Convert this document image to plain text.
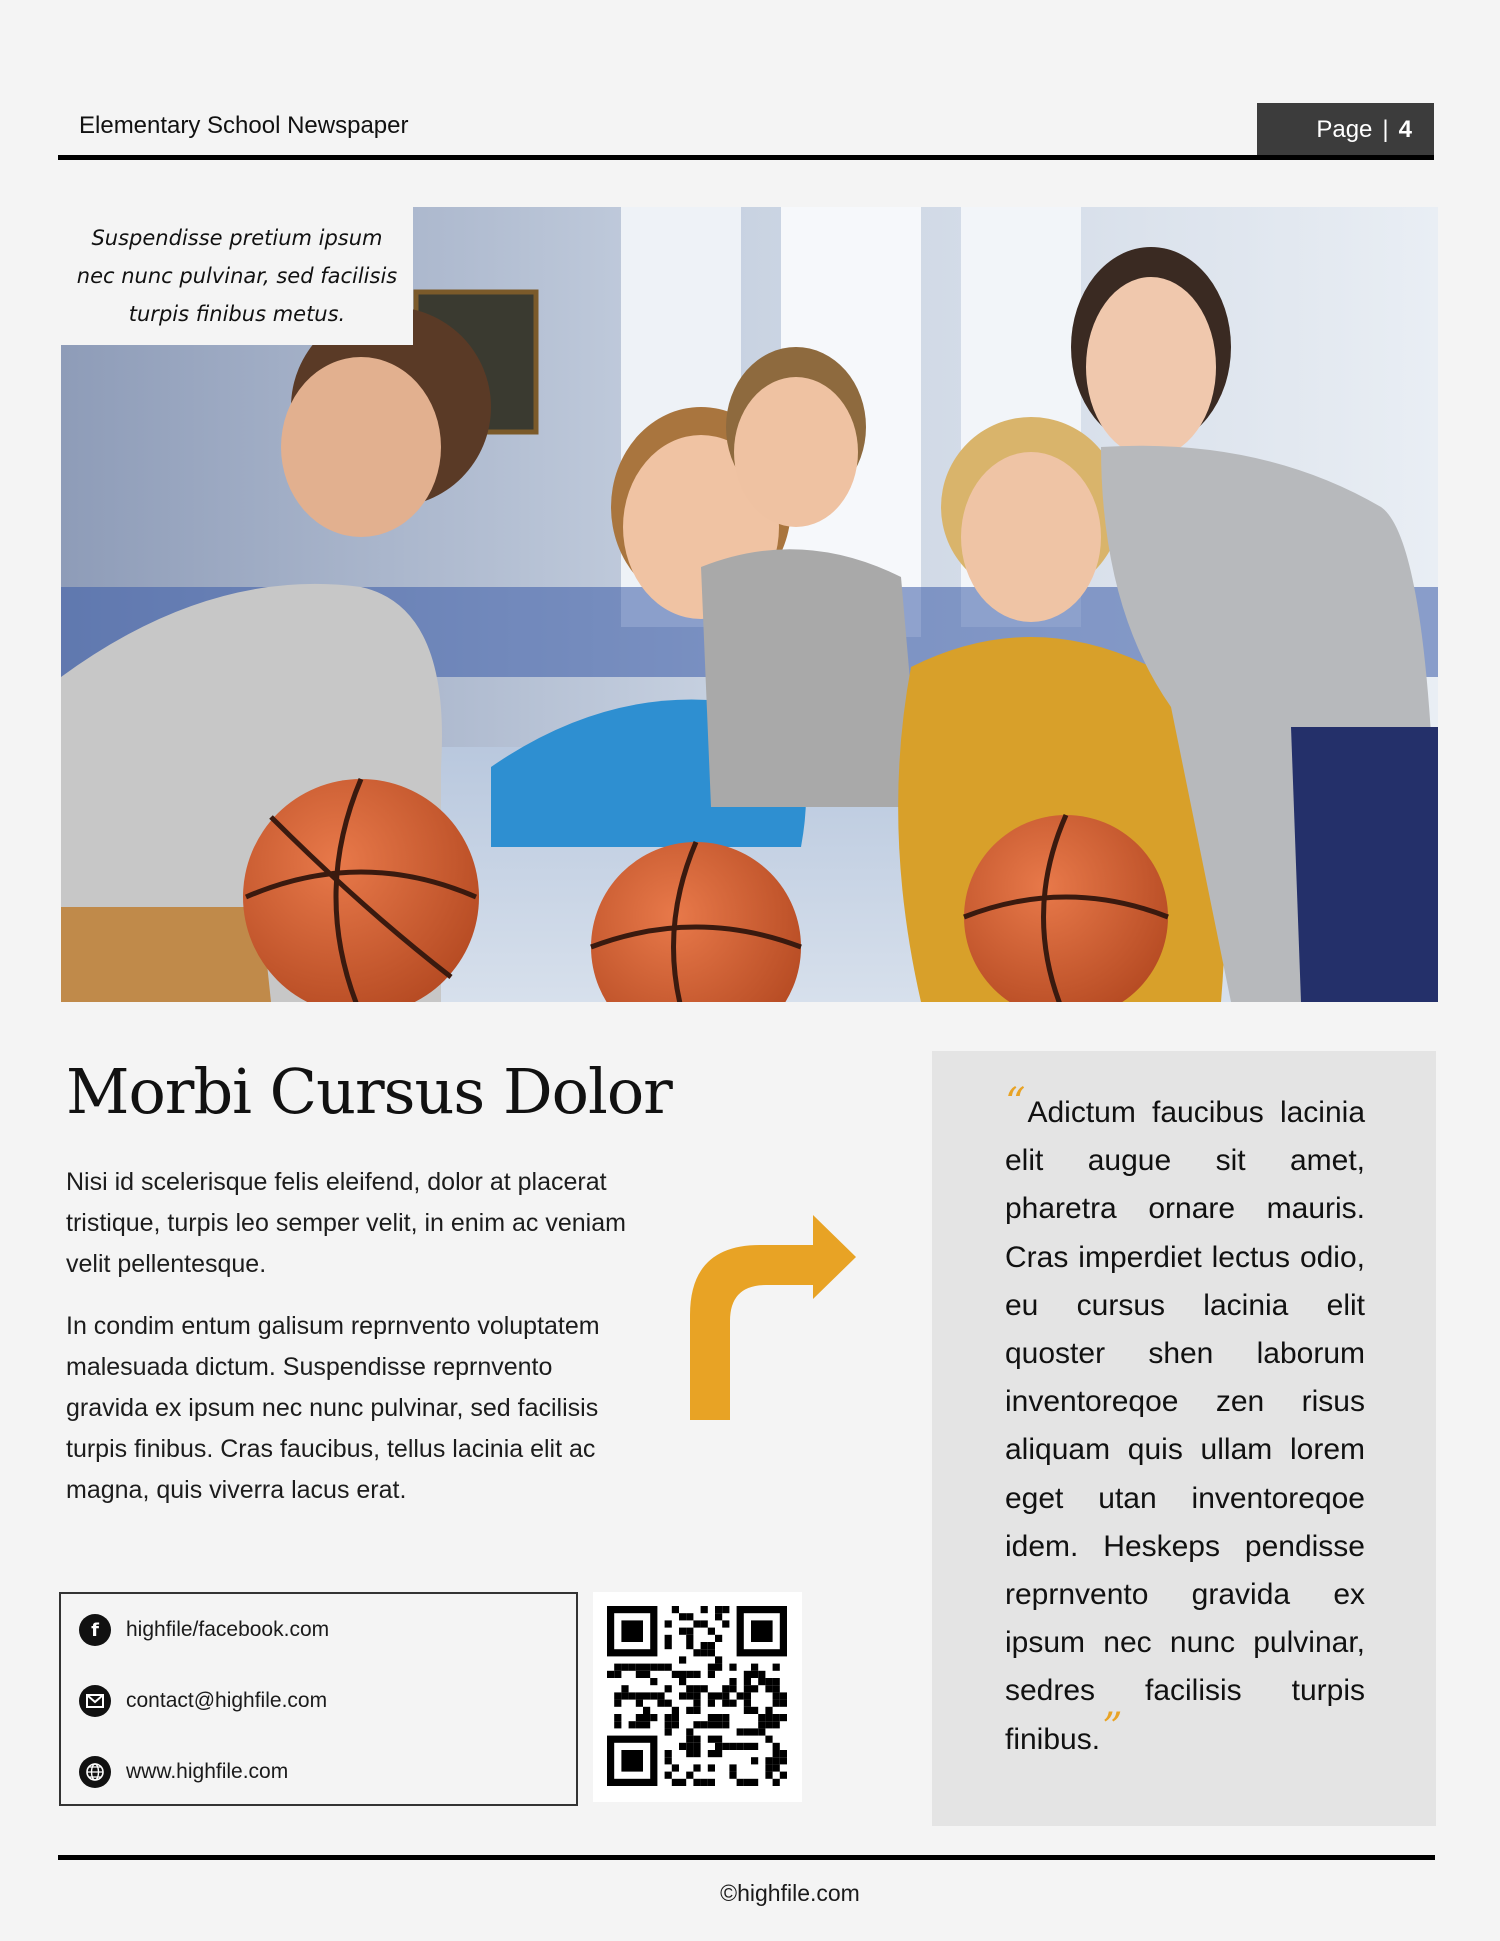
Elementary School Newspaper	Page | 4
Suspendisse pretium ipsum nec nunc pulvinar, sed facilisis turpis finibus metus.
Morbi Cursus Dolor

Nisi id scelerisque felis eleifend, dolor at placerat tristique, turpis leo semper velit, in enim ac veniam velit pellentesque.

In condim entum galisum reprnvento voluptatem malesuada dictum. Suspendisse reprnvento gravida ex ipsum nec nunc pulvinar, sed facilisis turpis finibus. Cras faucibus, tellus lacinia elit ac magna, quis viverra lacus erat.

f	highfile/facebook.com
contact@highfile.com
www.highfile.com
“Adictum faucibus lacinia elit augue sit amet, pharetra ornare mauris. Cras imperdiet lectus odio, eu cursus lacinia elit quoster shen laborum inventoreqoe zen risus aliquam quis ullam lorem eget utan inventoreqoe idem. Heskeps pendisse reprnvento gravida ex ipsum nec nunc pulvinar, sedres facilisis turpis finibus.”
©highfile.com
